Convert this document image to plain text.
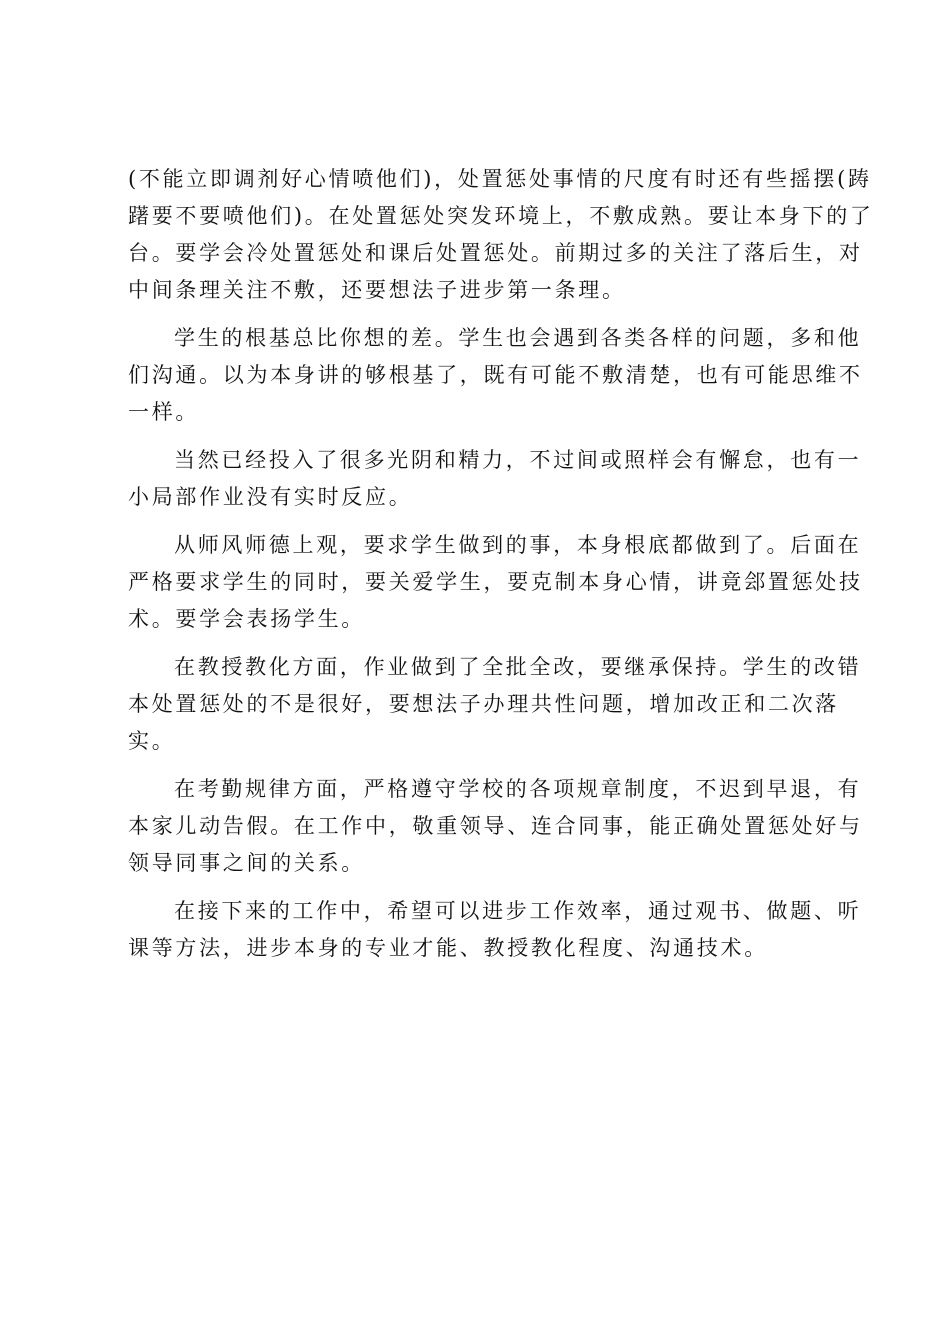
(不能立即调剂好心情喷他们)，处置惩处事情的尺度有时还有些摇摆(踌
躇要不要喷他们)。在处置惩处突发环境上，不敷成熟。要让本身下的了
台。要学会冷处置惩处和课后处置惩处。前期过多的关注了落后生，对
中间条理关注不敷，还要想法子进步第一条理。
学生的根基总比你想的差。学生也会遇到各类各样的问题，多和他
们沟通。以为本身讲的够根基了，既有可能不敷清楚，也有可能思维不
一样。
当然已经投入了很多光阴和精力，不过间或照样会有懈怠，也有一
小局部作业没有实时反应。
从师风师德上观，要求学生做到的事，本身根底都做到了。后面在
严格要求学生的同时，要关爱学生，要克制本身心情，讲竟郐置惩处技
术。要学会表扬学生。
在教授教化方面，作业做到了全批全改，要继承保持。学生的改错
本处置惩处的不是很好，要想法子办理共性问题，增加改正和二次落
实。
在考勤规律方面，严格遵守学校的各项规章制度，不迟到早退，有
本家儿动告假。在工作中，敬重领导、连合同事，能正确处置惩处好与
领导同事之间的关系。
在接下来的工作中，希望可以进步工作效率，通过观书、做题、听
课等方法，进步本身的专业才能、教授教化程度、沟通技术。
